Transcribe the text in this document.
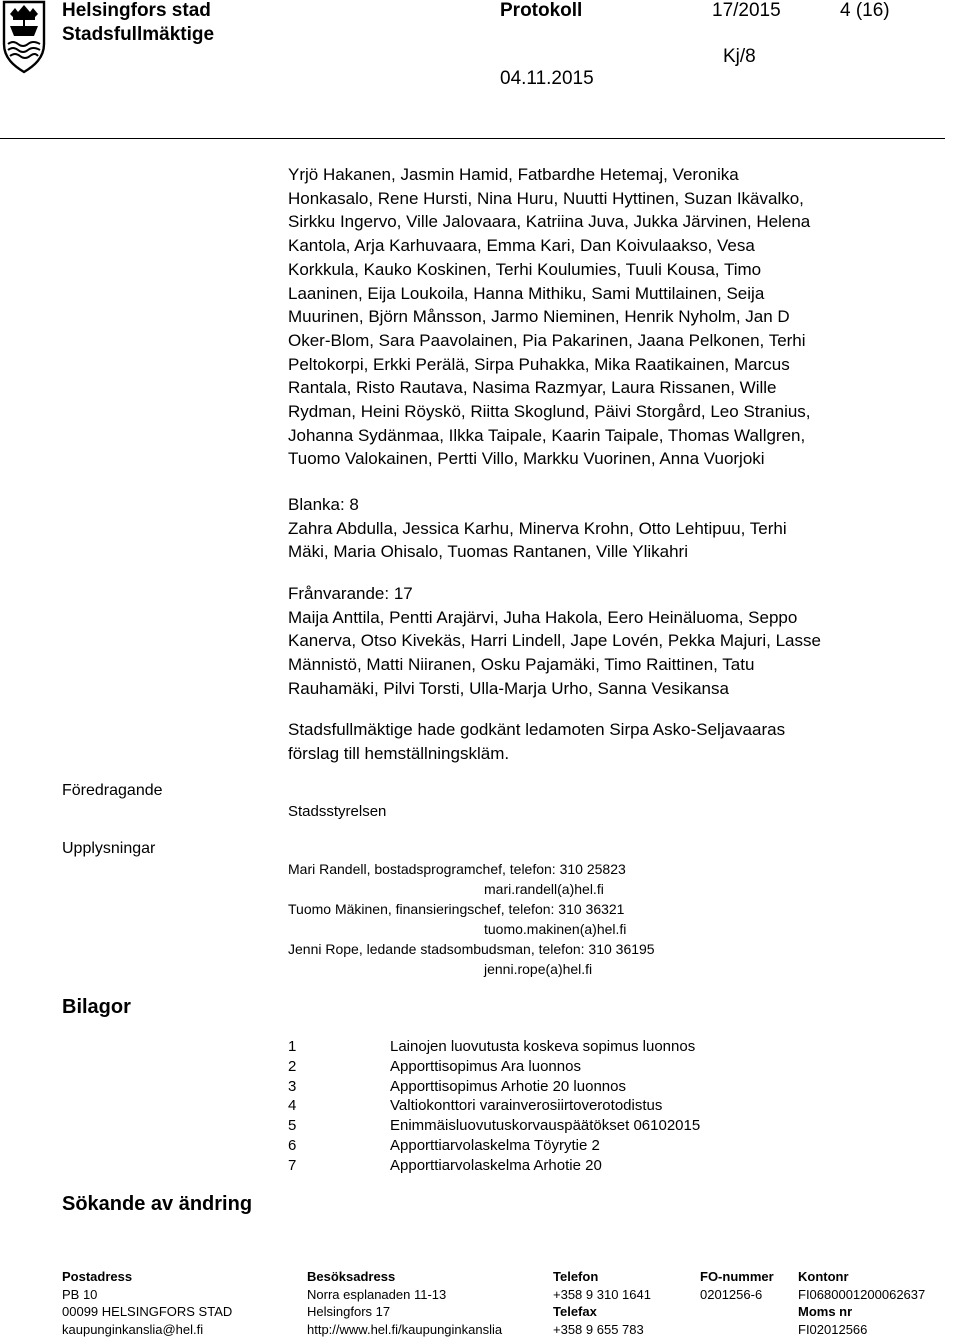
Helsingfors stad
Stadsfullmäktige
Protokoll	17/2015	4 (16)
Kj/8
04.11.2015
Yrjö Hakanen, Jasmin Hamid, Fatbardhe Hetemaj, Veronika
Honkasalo, Rene Hursti, Nina Huru, Nuutti Hyttinen, Suzan Ikävalko,
Sirkku Ingervo, Ville Jalovaara, Katriina Juva, Jukka Järvinen, Helena
Kantola, Arja Karhuvaara, Emma Kari, Dan Koivulaakso, Vesa
Korkkula, Kauko Koskinen, Terhi Koulumies, Tuuli Kousa, Timo
Laaninen, Eija Loukoila, Hanna Mithiku, Sami Muttilainen, Seija
Muurinen, Björn Månsson, Jarmo Nieminen, Henrik Nyholm, Jan D
Oker-Blom, Sara Paavolainen, Pia Pakarinen, Jaana Pelkonen, Terhi
Peltokorpi, Erkki Perälä, Sirpa Puhakka, Mika Raatikainen, Marcus
Rantala, Risto Rautava, Nasima Razmyar, Laura Rissanen, Wille
Rydman, Heini Röyskö, Riitta Skoglund, Päivi Storgård, Leo Stranius,
Johanna Sydänmaa, Ilkka Taipale, Kaarin Taipale, Thomas Wallgren,
Tuomo Valokainen, Pertti Villo, Markku Vuorinen, Anna Vuorjoki
Blanka: 8
Zahra Abdulla, Jessica Karhu, Minerva Krohn, Otto Lehtipuu, Terhi
Mäki, Maria Ohisalo, Tuomas Rantanen, Ville Ylikahri
Frånvarande: 17
Maija Anttila, Pentti Arajärvi, Juha Hakola, Eero Heinäluoma, Seppo
Kanerva, Otso Kivekäs, Harri Lindell, Jape Lovén, Pekka Majuri, Lasse
Männistö, Matti Niiranen, Osku Pajamäki, Timo Raittinen, Tatu
Rauhamäki, Pilvi Torsti, Ulla-Marja Urho, Sanna Vesikansa
Stadsfullmäktige hade godkänt ledamoten Sirpa Asko-Seljavaaras
förslag till hemställningskläm.
Föredragande
Stadsstyrelsen
Upplysningar
Mari Randell, bostadsprogramchef, telefon: 310 25823
mari.randell(a)hel.fi
Tuomo Mäkinen, finansieringschef, telefon: 310 36321
tuomo.makinen(a)hel.fi
Jenni Rope, ledande stadsombudsman, telefon: 310 36195
jenni.rope(a)hel.fi
Bilagor
1	Lainojen luovutusta koskeva sopimus luonnos
2	Apporttisopimus Ara luonnos
3	Apporttisopimus Arhotie 20 luonnos
4	Valtiokonttori varainverosiirtoverotodistus
5	Enimmäisluovutuskorvauspäätökset 06102015
6	Apporttiarvolaskelma Töyrytie 2
7	Apporttiarvolaskelma Arhotie 20
Sökande av ändring
Postadress
PB 10
00099 HELSINGFORS STAD
kaupunginkanslia@hel.fi
Besöksadress
Norra esplanaden 11-13
Helsingfors 17
http://www.hel.fi/kaupunginkanslia
Telefon
+358 9 310 1641
Telefax
+358 9 655 783
FO-nummer
0201256-6
Kontonr
FI0680001200062637
Moms nr
FI02012566
